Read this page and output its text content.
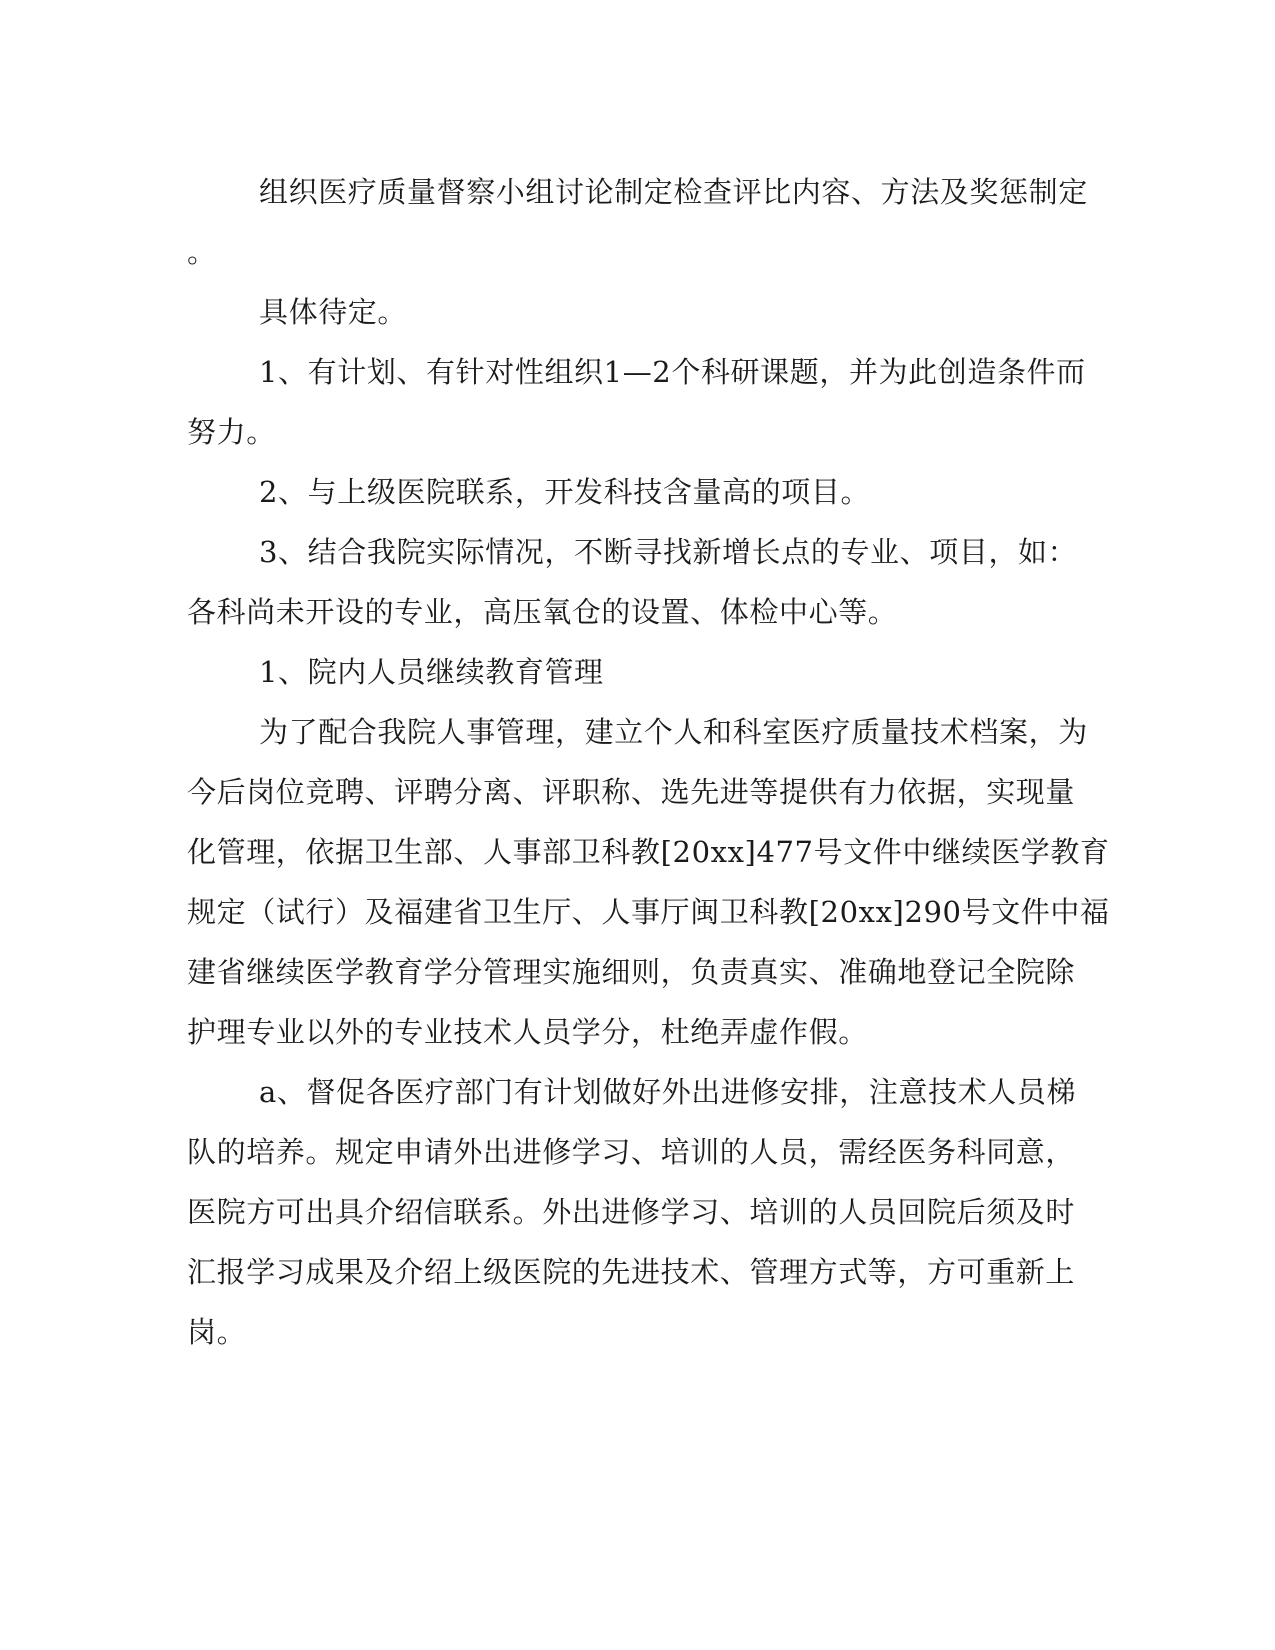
组织医疗质量督察小组讨论制定检查评比内容、方法及奖惩制定
。
具体待定。
1、有计划、有针对性组织1—2个科研课题，并为此创造条件而
努力。
2、与上级医院联系，开发科技含量高的项目。
3、结合我院实际情况，不断寻找新增长点的专业、项目，如：
各科尚未开设的专业，高压氧仓的设置、体检中心等。
1、院内人员继续教育管理
为了配合我院人事管理，建立个人和科室医疗质量技术档案，为
今后岗位竞聘、评聘分离、评职称、选先进等提供有力依据，实现量
化管理，依据卫生部、人事部卫科教[20xx]477号文件中继续医学教育
规定（试行）及福建省卫生厅、人事厅闽卫科教[20xx]290号文件中福
建省继续医学教育学分管理实施细则，负责真实、准确地登记全院除
护理专业以外的专业技术人员学分，杜绝弄虚作假。
a、督促各医疗部门有计划做好外出进修安排，注意技术人员梯
队的培养。规定申请外出进修学习、培训的人员，需经医务科同意，
医院方可出具介绍信联系。外出进修学习、培训的人员回院后须及时
汇报学习成果及介绍上级医院的先进技术、管理方式等，方可重新上
岗。
